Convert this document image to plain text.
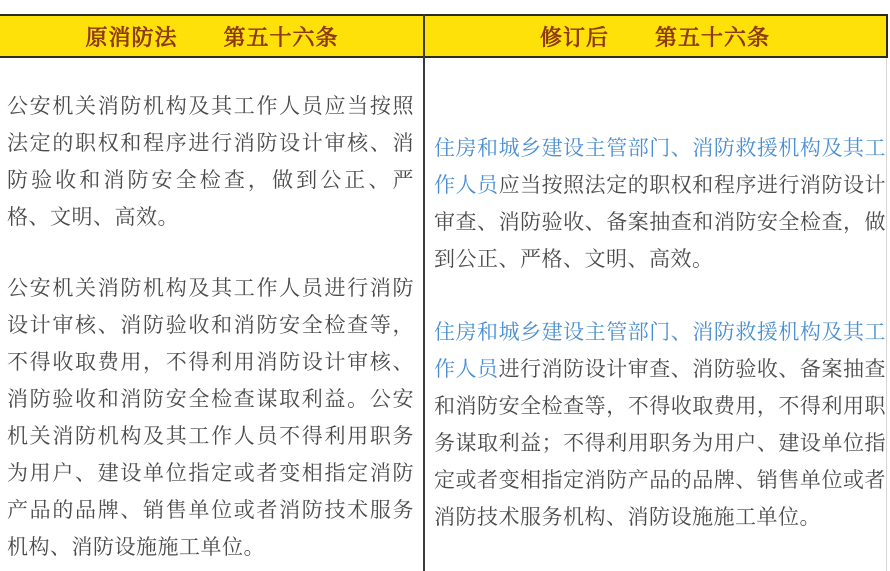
原消防法　　第五十六条	修订后　　第五十六条

公安机关消防机构及其工作人员应当按照法定的职权和程序进行消防设计审核、消防验收和消防安全检查，做到公正、严格、文明、高效。

公安机关消防机构及其工作人员进行消防设计审核、消防验收和消防安全检查等，不得收取费用，不得利用消防设计审核、消防验收和消防安全检查谋取利益。公安机关消防机构及其工作人员不得利用职务为用户、建设单位指定或者变相指定消防产品的品牌、销售单位或者消防技术服务机构、消防设施施工单位。

住房和城乡建设主管部门、消防救援机构及其工作人员应当按照法定的职权和程序进行消防设计审查、消防验收、备案抽查和消防安全检查，做到公正、严格、文明、高效。

住房和城乡建设主管部门、消防救援机构及其工作人员进行消防设计审查、消防验收、备案抽查和消防安全检查等，不得收取费用，不得利用职务谋取利益；不得利用职务为用户、建设单位指定或者变相指定消防产品的品牌、销售单位或者消防技术服务机构、消防设施施工单位。
